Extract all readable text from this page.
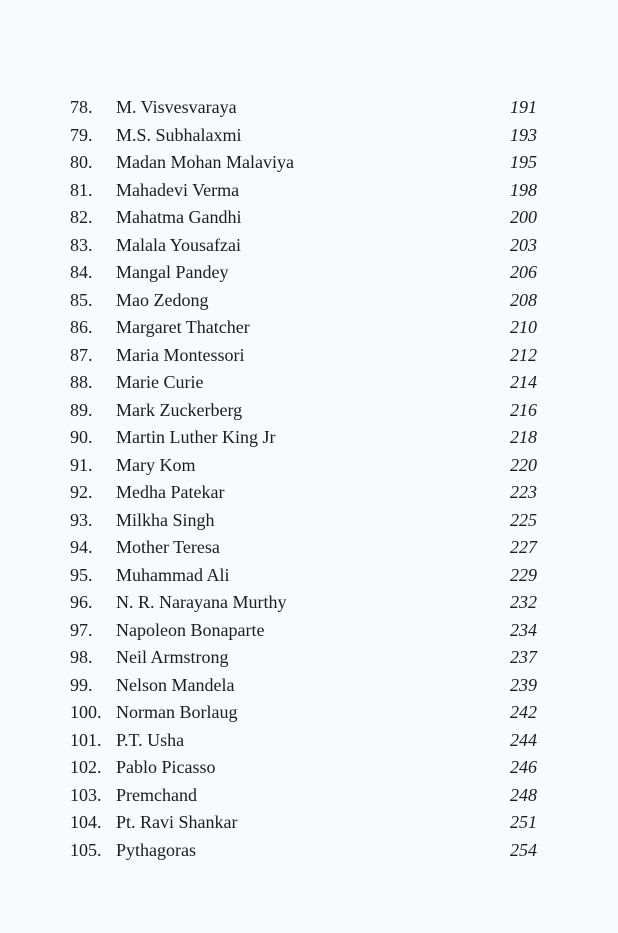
78. M. Visvesvaraya	191
79. M.S. Subhalaxmi	193
80. Madan Mohan Malaviya	195
81. Mahadevi Verma	198
82. Mahatma Gandhi	200
83. Malala Yousafzai	203
84. Mangal Pandey	206
85. Mao Zedong	208
86. Margaret Thatcher	210
87. Maria Montessori	212
88. Marie Curie	214
89. Mark Zuckerberg	216
90. Martin Luther King Jr	218
91. Mary Kom	220
92. Medha Patekar	223
93. Milkha Singh	225
94. Mother Teresa	227
95. Muhammad Ali	229
96. N. R. Narayana Murthy	232
97. Napoleon Bonaparte	234
98. Neil Armstrong	237
99. Nelson Mandela	239
100. Norman Borlaug	242
101. P.T. Usha	244
102. Pablo Picasso	246
103. Premchand	248
104. Pt. Ravi Shankar	251
105. Pythagoras	254
